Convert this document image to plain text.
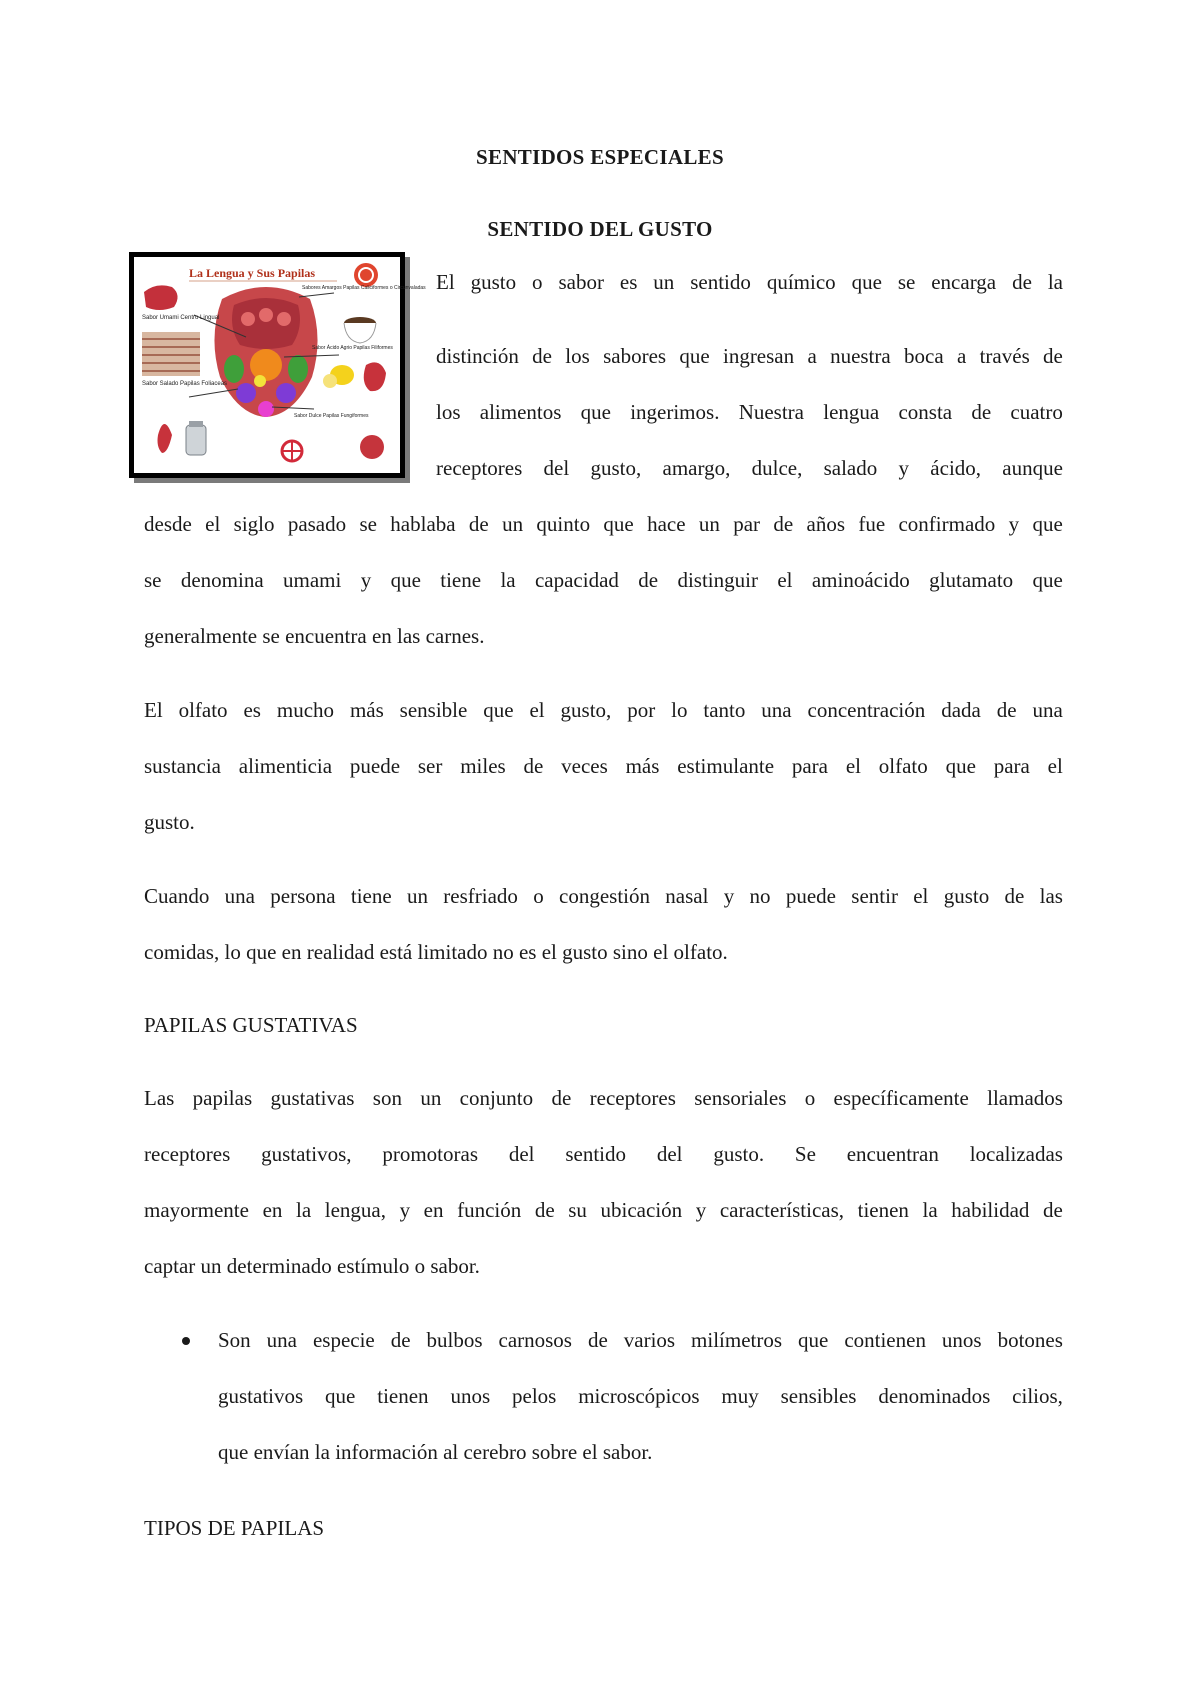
SENTIDOS ESPECIALES
SENTIDO DEL GUSTO
La Lengua y Sus Papilas
Sabor Umami Centro Lingual
Sabores Amargos Papilas Caliciformes o Circunvaladas
Sabor Ácido Agrio Papilas Filiformes
Sabor Salado Papilas Foliaceas
Sabor Dulce Papilas Fungiformes
El gusto o sabor es un sentido químico que se encarga de la
distinción de los sabores que ingresan a nuestra boca a través de
los alimentos que ingerimos. Nuestra lengua consta de cuatro
receptores del gusto, amargo, dulce, salado y ácido, aunque
desde el siglo pasado se hablaba de un quinto que hace un par de años fue confirmado y que
se denomina umami y que tiene la capacidad de distinguir el aminoácido glutamato que
generalmente se encuentra en las carnes.
El olfato es mucho más sensible que el gusto, por lo tanto una concentración dada de una
sustancia alimenticia puede ser miles de veces más estimulante para el olfato que para el
gusto.
Cuando una persona tiene un resfriado o congestión nasal y no puede sentir el gusto de las
comidas, lo que en realidad está limitado no es el gusto sino el olfato.
PAPILAS GUSTATIVAS
Las papilas gustativas son un conjunto de receptores sensoriales o específicamente llamados
receptores gustativos, promotoras del sentido del gusto. Se encuentran localizadas
mayormente en la lengua, y en función de su ubicación y características, tienen la habilidad de
captar un determinado estímulo o sabor.
Son una especie de bulbos carnosos de varios milímetros que contienen unos botones
gustativos que tienen unos pelos microscópicos muy sensibles denominados cilios,
que envían la información al cerebro sobre el sabor.
TIPOS DE PAPILAS
